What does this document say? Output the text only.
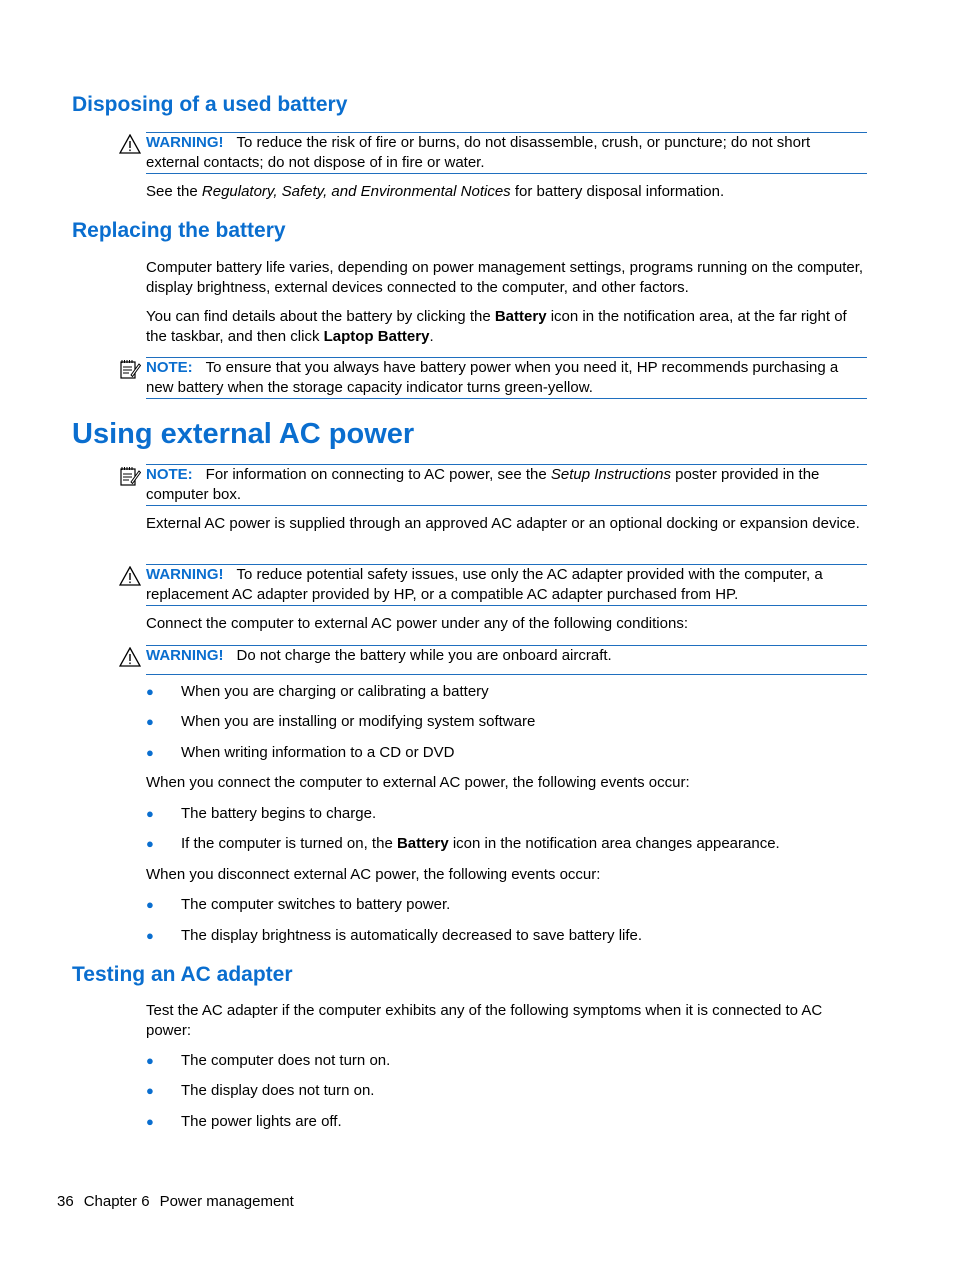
Disposing of a used battery
WARNING! To reduce the risk of fire or burns, do not disassemble, crush, or puncture; do not short external contacts; do not dispose of in fire or water.

See the Regulatory, Safety, and Environmental Notices for battery disposal information.

Replacing the battery

Computer battery life varies, depending on power management settings, programs running on the computer, display brightness, external devices connected to the computer, and other factors.

You can find details about the battery by clicking the Battery icon in the notification area, at the far right of the taskbar, and then click Laptop Battery.

NOTE: To ensure that you always have battery power when you need it, HP recommends purchasing a new battery when the storage capacity indicator turns green-yellow.
Using external AC power
NOTE: For information on connecting to AC power, see the Setup Instructions poster provided in the computer box.

External AC power is supplied through an approved AC adapter or an optional docking or expansion device.

WARNING! To reduce potential safety issues, use only the AC adapter provided with the computer, a replacement AC adapter provided by HP, or a compatible AC adapter purchased from HP.

Connect the computer to external AC power under any of the following conditions:

WARNING! Do not charge the battery while you are onboard aircraft.
● When you are charging or calibrating a battery
● When you are installing or modifying system software
● When writing information to a CD or DVD

When you connect the computer to external AC power, the following events occur:

● The battery begins to charge.
● If the computer is turned on, the Battery icon in the notification area changes appearance.

When you disconnect external AC power, the following events occur:

● The computer switches to battery power.
● The display brightness is automatically decreased to save battery life.
Testing an AC adapter

Test the AC adapter if the computer exhibits any of the following symptoms when it is connected to AC power:

● The computer does not turn on.
● The display does not turn on.
● The power lights are off.
36 Chapter 6 Power management
